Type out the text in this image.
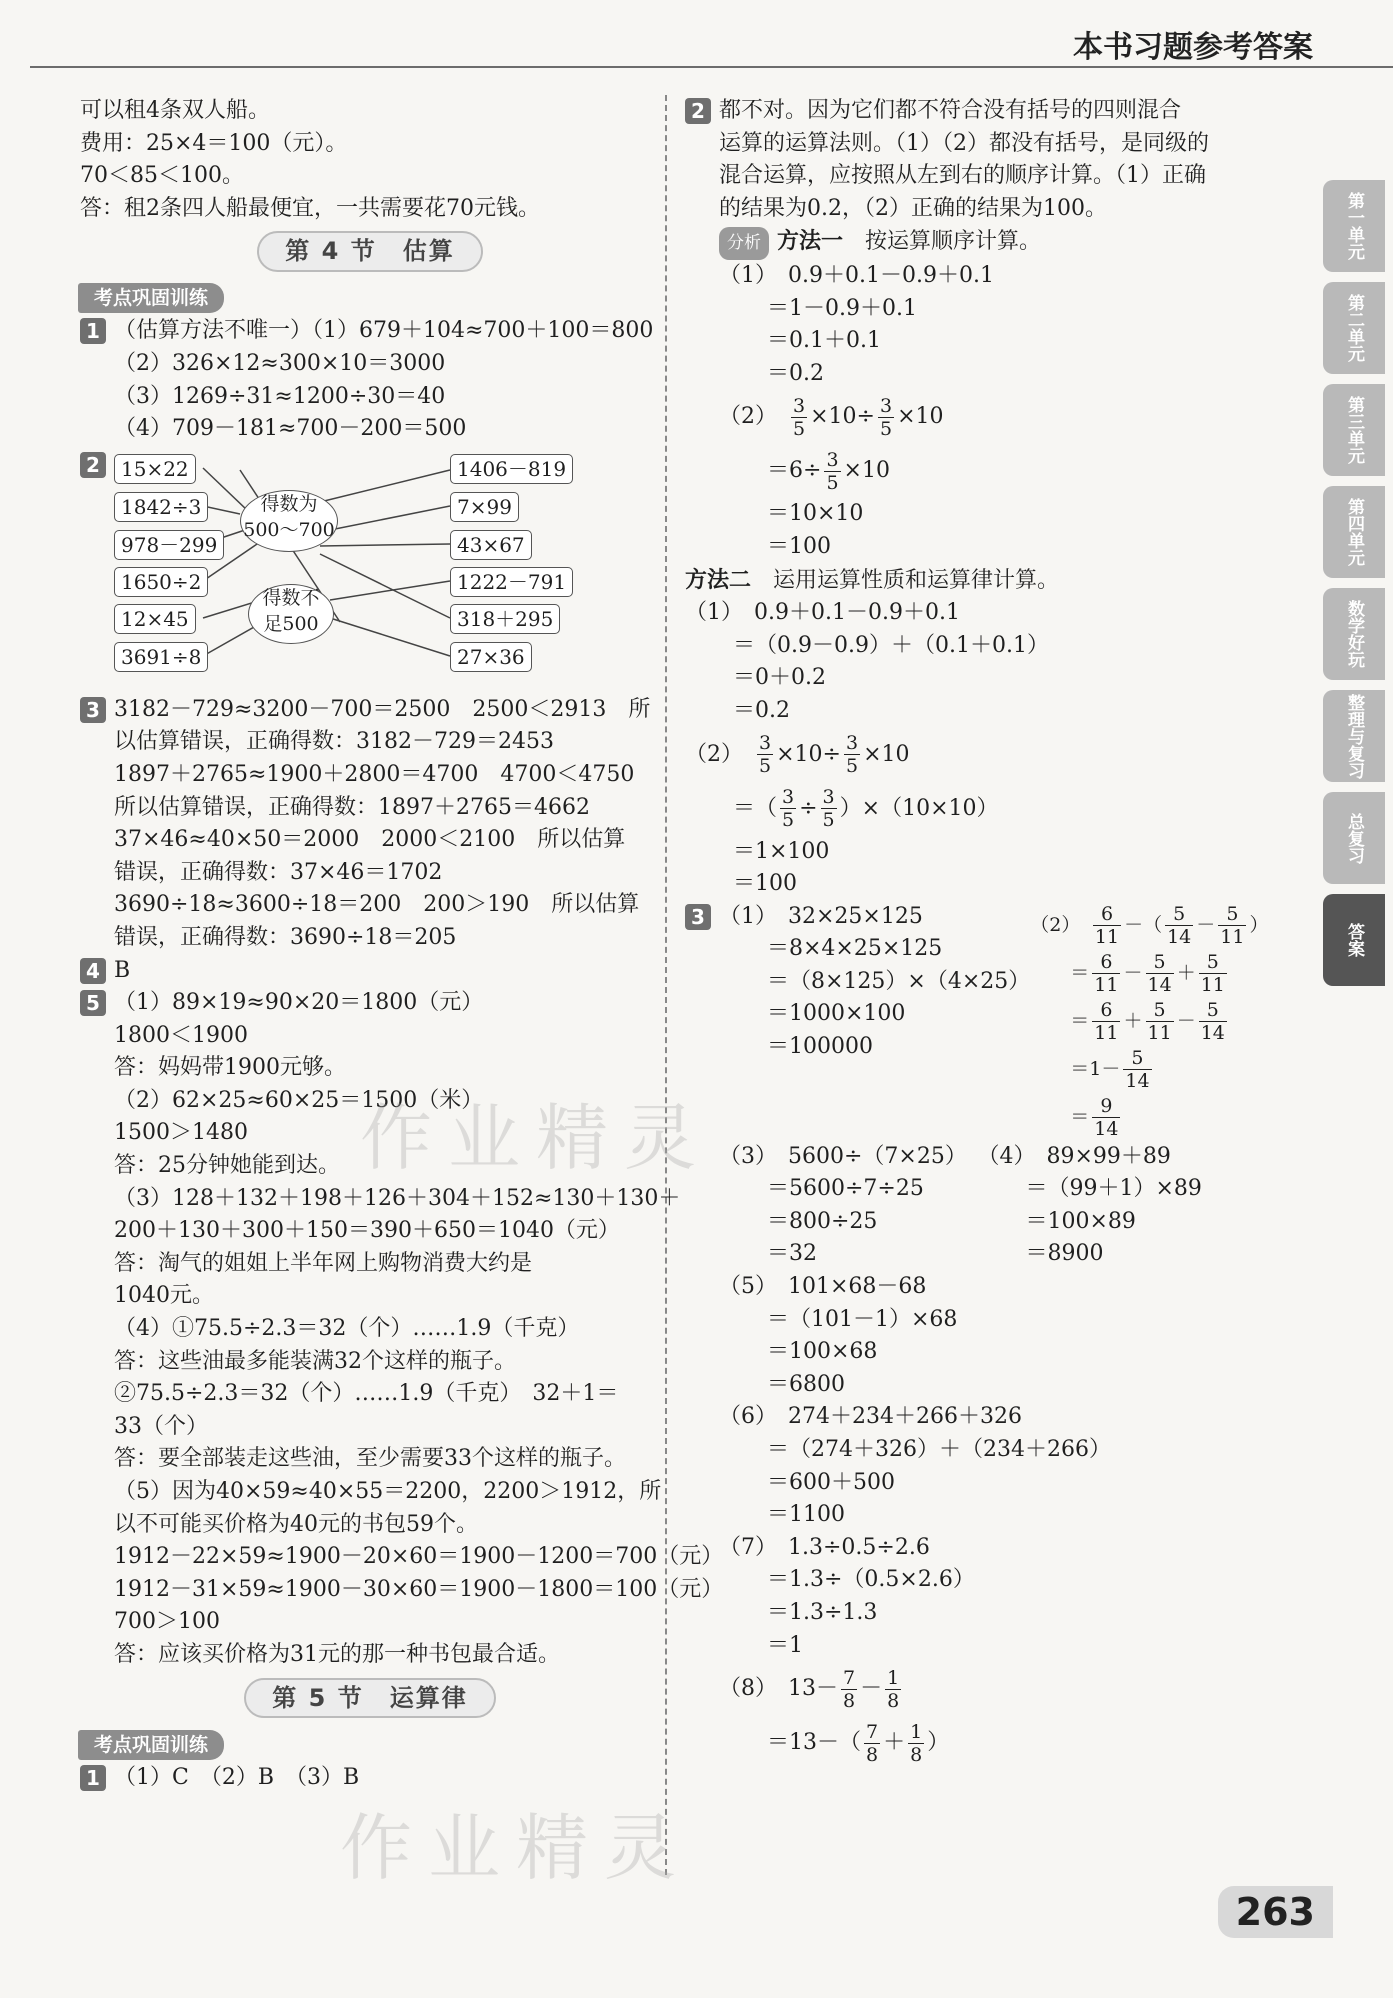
本书习题参考答案
可以租4条双人船。
费用：25×4＝100（元）。
70＜85＜100。
答：租2条四人船最便宜，一共需要花70元钱。
第 4 节　估算
考点巩固训练
1 （估算方法不唯一）（1）679＋104≈700＋100＝800
（2）326×12≈300×10＝3000
（3）1269÷31≈1200÷30＝40
（4）709－181≈700－200＝500
2	15×22
1842÷3
978－299
1650÷2
12×45
3691÷8
得数为
500～700
得数不
足500
1406－819
7×99
43×67
1222－791
318＋295
27×36
3 3182－729≈3200－700＝2500　2500＜2913　所
以估算错误，正确得数：3182－729＝2453
1897＋2765≈1900＋2800＝4700　4700＜4750
所以估算错误，正确得数：1897＋2765＝4662
37×46≈40×50＝2000　2000＜2100　所以估算
错误，正确得数：37×46＝1702
3690÷18≈3600÷18＝200　200＞190　所以估算
错误，正确得数：3690÷18＝205
4 B
5 （1）89×19≈90×20＝1800（元）
1800＜1900
答：妈妈带1900元够。
（2）62×25≈60×25＝1500（米）
1500＞1480
答：25分钟她能到达。
（3）128＋132＋198＋126＋304＋152≈130＋130＋
200＋130＋300＋150＝390＋650＝1040（元）
答：淘气的姐姐上半年网上购物消费大约是
1040元。
（4）①75.5÷2.3＝32（个）……1.9（千克）
答：这些油最多能装满32个这样的瓶子。
②75.5÷2.3＝32（个）……1.9（千克）　32＋1＝
33（个）
答：要全部装走这些油，至少需要33个这样的瓶子。
（5）因为40×59≈40×55＝2200，2200＞1912，所
以不可能买价格为40元的书包59个。
1912－22×59≈1900－20×60＝1900－1200＝700（元）
1912－31×59≈1900－30×60＝1900－1800＝100（元）
700＞100
答：应该买价格为31元的那一种书包最合适。
第 5 节　运算律
考点巩固训练
1 （1）C　（2）B　（3）B
2 都不对。因为它们都不符合没有括号的四则混合
运算的运算法则。（1）（2）都没有括号，是同级的
混合运算，应按照从左到右的顺序计算。（1）正确
的结果为0.2，（2）正确的结果为100。
分析 方法一　 按运算顺序计算。
（1）　0.9＋0.1－0.9＋0.1
＝1－0.9＋0.1
＝0.1＋0.1
＝0.2
（2）　 $\frac{3}{5} \times 10\div \frac{3}{5} \times 10$
$=6\div \frac{3}{5} \times 10$
＝10×10
＝100
方法二　 运用运算性质和运算律计算。
（1）　0.9＋0.1－0.9＋0.1
＝（0.9－0.9）＋（0.1＋0.1）
＝0＋0.2
＝0.2
（2）　 $\frac{3}{5} \times 10\div \frac{3}{5} \times 10$
＝（ $\frac{3}{5} \div \frac{3}{5} )\times(10\times 10)$
＝1×100
＝100
3 （1）　32×25×125
＝8×4×25×125
＝（8×125）×（4×25）
＝1000×100
＝100000
（2）　 $\frac{6}{11}$ －（ $\frac{5}{14} - \frac{5}{11}$ ）
＝ $\frac{6}{11} - \frac{5}{14} + \frac{5}{11}$
＝ $\frac{6}{11} + \frac{5}{11} - \frac{5}{14}$
$=1- \frac{5}{14}$
＝ $\frac{9}{14}$
（3）　5600÷（7×25）
＝5600÷7÷25
＝800÷25
＝32
（4）　89×99＋89
＝（99＋1）×89
＝100×89
＝8900
（5）　101×68－68
＝（101－1）×68
＝100×68
＝6800
（6）　274＋234＋266＋326
＝（274＋326）＋（234＋266）
＝600＋500
＝1100
（7）　1.3÷0.5÷2.6
＝1.3÷（0.5×2.6）
＝1.3÷1.3
＝1
（8）　$13- \frac{7}{8} - \frac{1}{8}$
$=13-( \frac{7}{8} + \frac{1}{8}$ ）
作业精灵
作业精灵
第一单元
第二单元
第三单元
第四单元
数学好玩
整理与复习
总复习
答案
263
